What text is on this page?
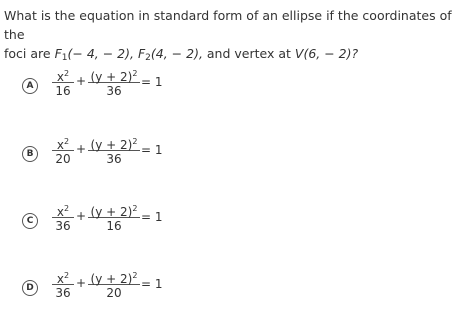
What is the equation in standard form of an ellipse if the coordinates of the
foci are $F_1(- 4$, − 2), $F_2(4$, − 2), and vertex at V(6, − 2)?
A
$x^2$
16
+ $(y + 2)^2$
36
= 1
B
$x^2$
20
+ $(y + 2)^2$
36
= 1
C
$x^2$
36
+ $(y + 2)^2$
16
= 1
D
$x^2$
36
+ $(y + 2)^2$
20
= 1
